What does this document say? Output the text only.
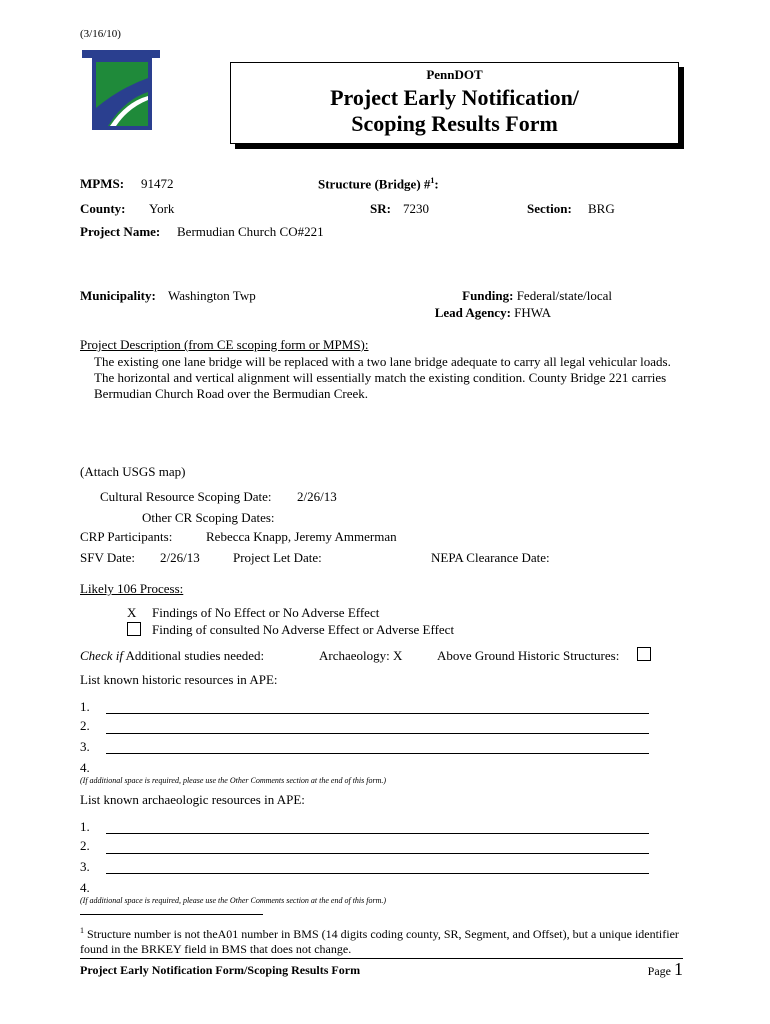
(3/16/10)
PennDOT
Project Early Notification/
Scoping Results Form
MPMS: 91472	Structure (Bridge) #$^1$:
County: York	SR: 7230	Section: BRG
Project Name: Bermudian Church CO#221
Municipality: Washington Twp	Funding: Federal/state/local
Lead Agency: FHWA
Project Description (from CE scoping form or MPMS):
The existing one lane bridge will be replaced with a two lane bridge adequate to carry all legal vehicular loads. The horizontal and vertical alignment will essentially match the existing condition. County Bridge 221 carries Bermudian Church Road over the Bermudian Creek.
(Attach USGS map)
Cultural Resource Scoping Date: 2/26/13
Other CR Scoping Dates:
CRP Participants:	Rebecca Knapp, Jeremy Ammerman
SFV Date: 2/26/13	Project Let Date:	NEPA Clearance Date:
Likely 106 Process:
X Findings of No Effect or No Adverse Effect
Finding of consulted No Adverse Effect or Adverse Effect
Check if Additional studies needed:	Archaeology: X	Above Ground Historic Structures:
List known historic resources in APE:
1.
2.
3.
4.
(If additional space is required, please use the Other Comments section at the end of this form.)
List known archaeologic resources in APE:
1.
2.
3.
4.
(If additional space is required, please use the Other Comments section at the end of this form.)
$^1$ Structure number is not theA01 number in BMS (14 digits coding county, SR, Segment, and Offset), but a unique identifier found in the BRKEY field in BMS that does not change.
Project Early Notification Form/Scoping Results Form	Page 1
